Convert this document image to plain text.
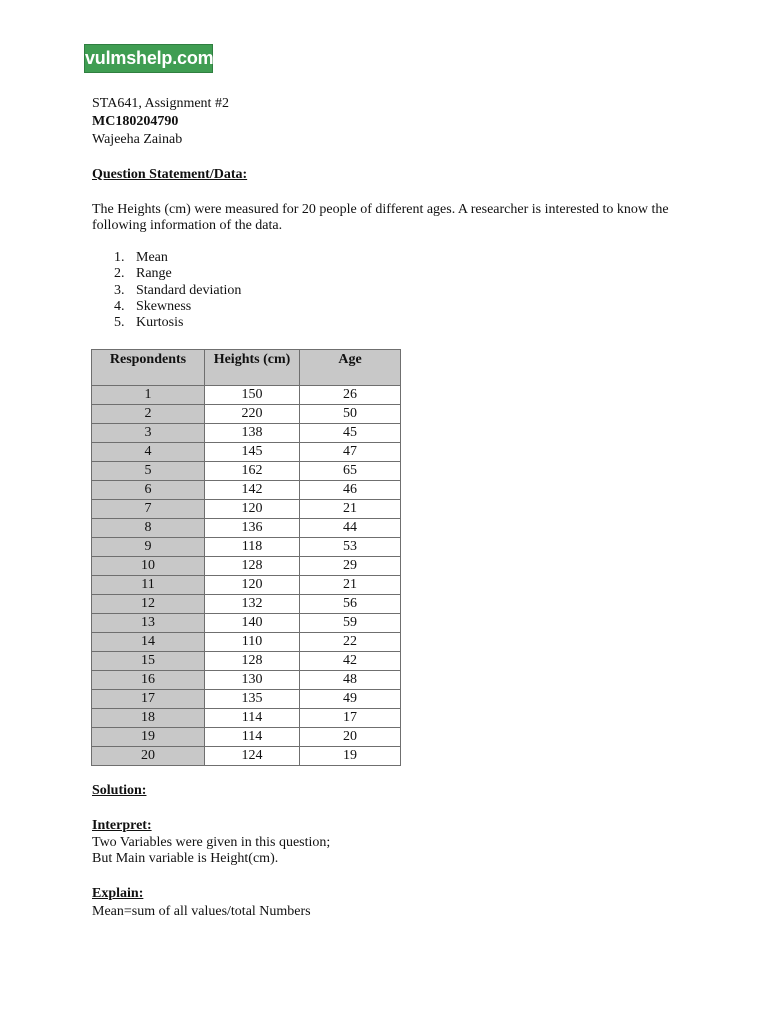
vulmshelp.com
STA641, Assignment #2
MC180204790
Wajeeha Zainab
Question Statement/Data:
The Heights (cm) were measured for 20 people of different ages. A researcher is interested to know the
following information of the data.
1. Mean
2. Range
3. Standard deviation
4. Skewness
5. Kurtosis
Respondents	Heights (cm)	Age
1	150	26
2	220	50
3	138	45
4	145	47
5	162	65
6	142	46
7	120	21
8	136	44
9	118	53
10	128	29
11	120	21
12	132	56
13	140	59
14	110	22
15	128	42
16	130	48
17	135	49
18	114	17
19	114	20
20	124	19
Solution:
Interpret:
Two Variables were given in this question;
But Main variable is Height(cm).
Explain:
Mean=sum of all values/total Numbers
